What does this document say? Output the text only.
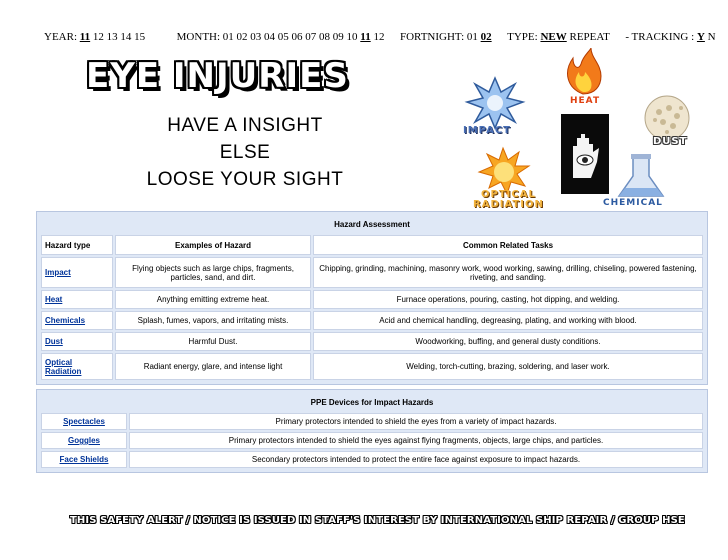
YEAR: 11 12 13 14 15	MONTH: 01 02 03 04 05 06 07 08 09 10 11 12 FORTNIGHT: 01 02 TYPE: NEW REPEAT - TRACKING : Y N
EYE INJURIES
HAVE A INSIGHT
ELSE
LOOSE YOUR SIGHT
IMPACT
HEAT
DUST
OPTICAL
RADIATION	CHEMICAL
Hazard Assessment		
Hazard type	Examples of Hazard	Common Related Tasks
Impact	Flying objects such as large chips, fragments, particles, sand, and dirt.	Chipping, grinding, machining, masonry work, wood working, sawing, drilling, chiseling, powered fastening, riveting, and sanding.
Heat	Anything emitting extreme heat.	Furnace operations, pouring, casting, hot dipping, and welding.
Chemicals	Splash, fumes, vapors, and irritating mists.	Acid and chemical handling, degreasing, plating, and working with blood.
Dust	Harmful Dust.	Woodworking, buffing, and general dusty conditions.
Optical Radiation	Radiant energy, glare, and intense light	Welding, torch-cutting, brazing, soldering, and laser work.
PPE Devices for Impact Hazards	
Spectacles	Primary protectors intended to shield the eyes from a variety of impact hazards.
Goggles	Primary protectors intended to shield the eyes against flying fragments, objects, large chips, and particles.
Face Shields	Secondary protectors intended to protect the entire face against exposure to impact hazards.
THIS SAFETY ALERT / NOTICE IS ISSUED IN STAFF'S INTEREST BY INTERNATIONAL SHIP REPAIR / GROUP HSE
